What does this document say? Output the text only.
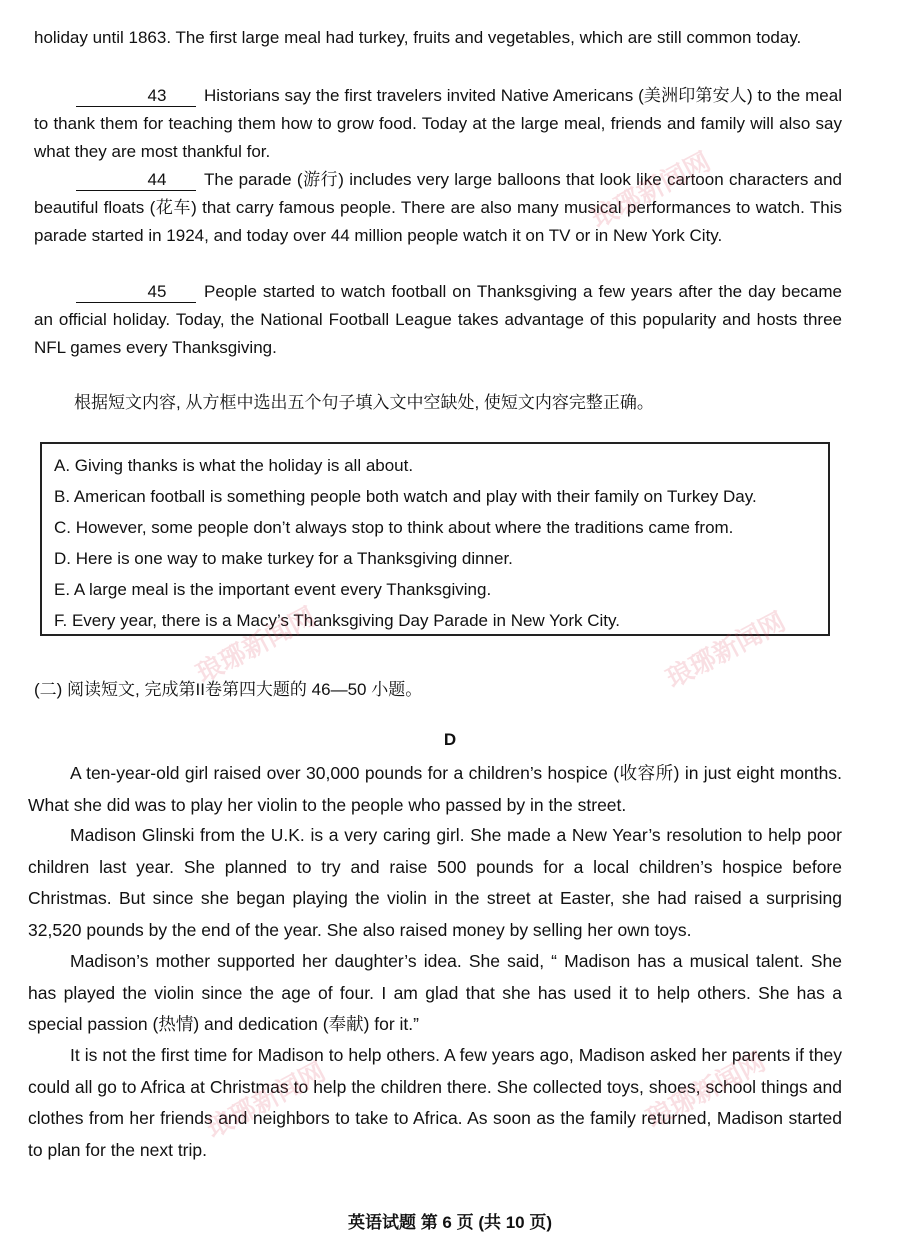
holiday until 1863. The first large meal had turkey, fruits and vegetables, which are still common today.

43 Historians say the first travelers invited Native Americans (美洲印第安人) to the meal to thank them for teaching them how to grow food. Today at the large meal, friends and family will also say what they are most thankful for.

44 The parade (游行) includes very large balloons that look like cartoon characters and beautiful floats (花车) that carry famous people. There are also many musical performances to watch. This parade started in 1924, and today over 44 million people watch it on TV or in New York City.

45 People started to watch football on Thanksgiving a few years after the day became an official holiday. Today, the National Football League takes advantage of this popularity and hosts three NFL games every Thanksgiving.

根据短文内容, 从方框中选出五个句子填入文中空缺处, 使短文内容完整正确。
A. Giving thanks is what the holiday is all about.
B. American football is something people both watch and play with their family on Turkey Day.
C. However, some people don’t always stop to think about where the traditions came from.
D. Here is one way to make turkey for a Thanksgiving dinner.
E. A large meal is the important event every Thanksgiving.
F. Every year, there is a Macy’s Thanksgiving Day Parade in New York City.
(二) 阅读短文, 完成第II卷第四大题的 46—50 小题。
D

A ten-year-old girl raised over 30,000 pounds for a children’s hospice (收容所) in just eight months. What she did was to play her violin to the people who passed by in the street.

Madison Glinski from the U.K. is a very caring girl. She made a New Year’s resolution to help poor children last year. She planned to try and raise 500 pounds for a local children’s hospice before Christmas. But since she began playing the violin in the street at Easter, she had raised a surprising 32,520 pounds by the end of the year. She also raised money by selling her own toys.

Madison’s mother supported her daughter’s idea. She said, “ Madison has a musical talent. She has played the violin since the age of four. I am glad that she has used it to help others. She has a special passion (热情) and dedication (奉献) for it.”

It is not the first time for Madison to help others. A few years ago, Madison asked her parents if they could all go to Africa at Christmas to help the children there. She collected toys, shoes, school things and clothes from her friends and neighbors to take to Africa. As soon as the family returned, Madison started to plan for the next trip.

英语试题 第 6 页 (共 10 页)
琅琊新闻网
琅琊新闻网	琅琊新闻网
琅琊新闻网	琅琊新闻网
